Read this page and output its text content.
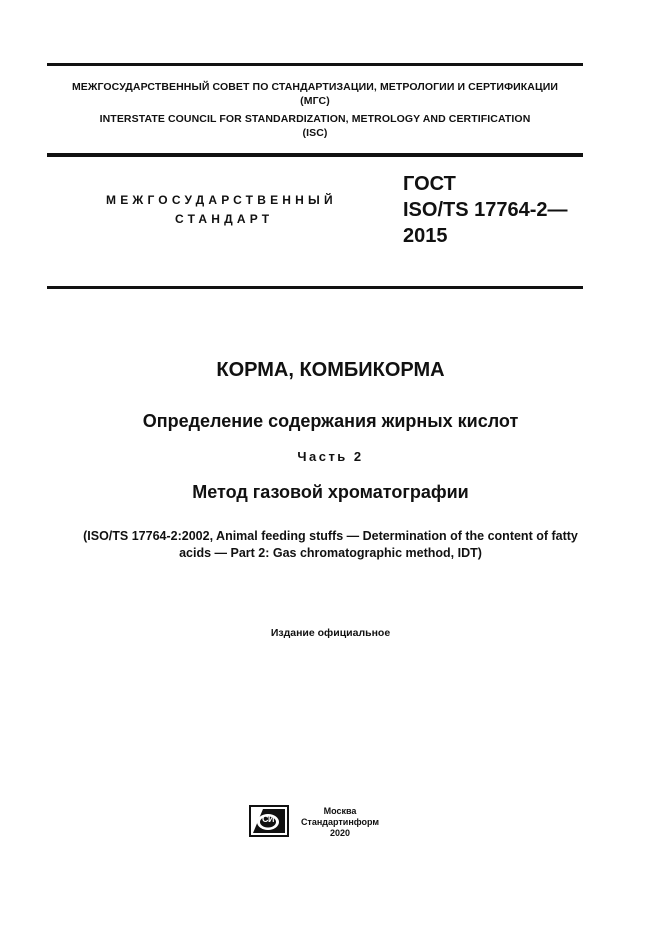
МЕЖГОСУДАРСТВЕННЫЙ СОВЕТ ПО СТАНДАРТИЗАЦИИ, МЕТРОЛОГИИ И СЕРТИФИКАЦИИ
(МГС)
INTERSTATE COUNCIL FOR STANDARDIZATION, METROLOGY AND CERTIFICATION
(ISC)
МЕЖГОСУДАРСТВЕННЫЙ
СТАНДАРТ
ГОСТ
ISO/TS 17764-2—
2015
КОРМА, КОМБИКОРМА
Определение содержания жирных кислот
Часть 2
Метод газовой хроматографии
(ISO/TS 17764-2:2002, Animal feeding stuffs — Determination of the content of fatty
acids — Part 2: Gas chromatographic method, IDT)
Издание официальное
СИ
Москва
Стандартинформ
2020
